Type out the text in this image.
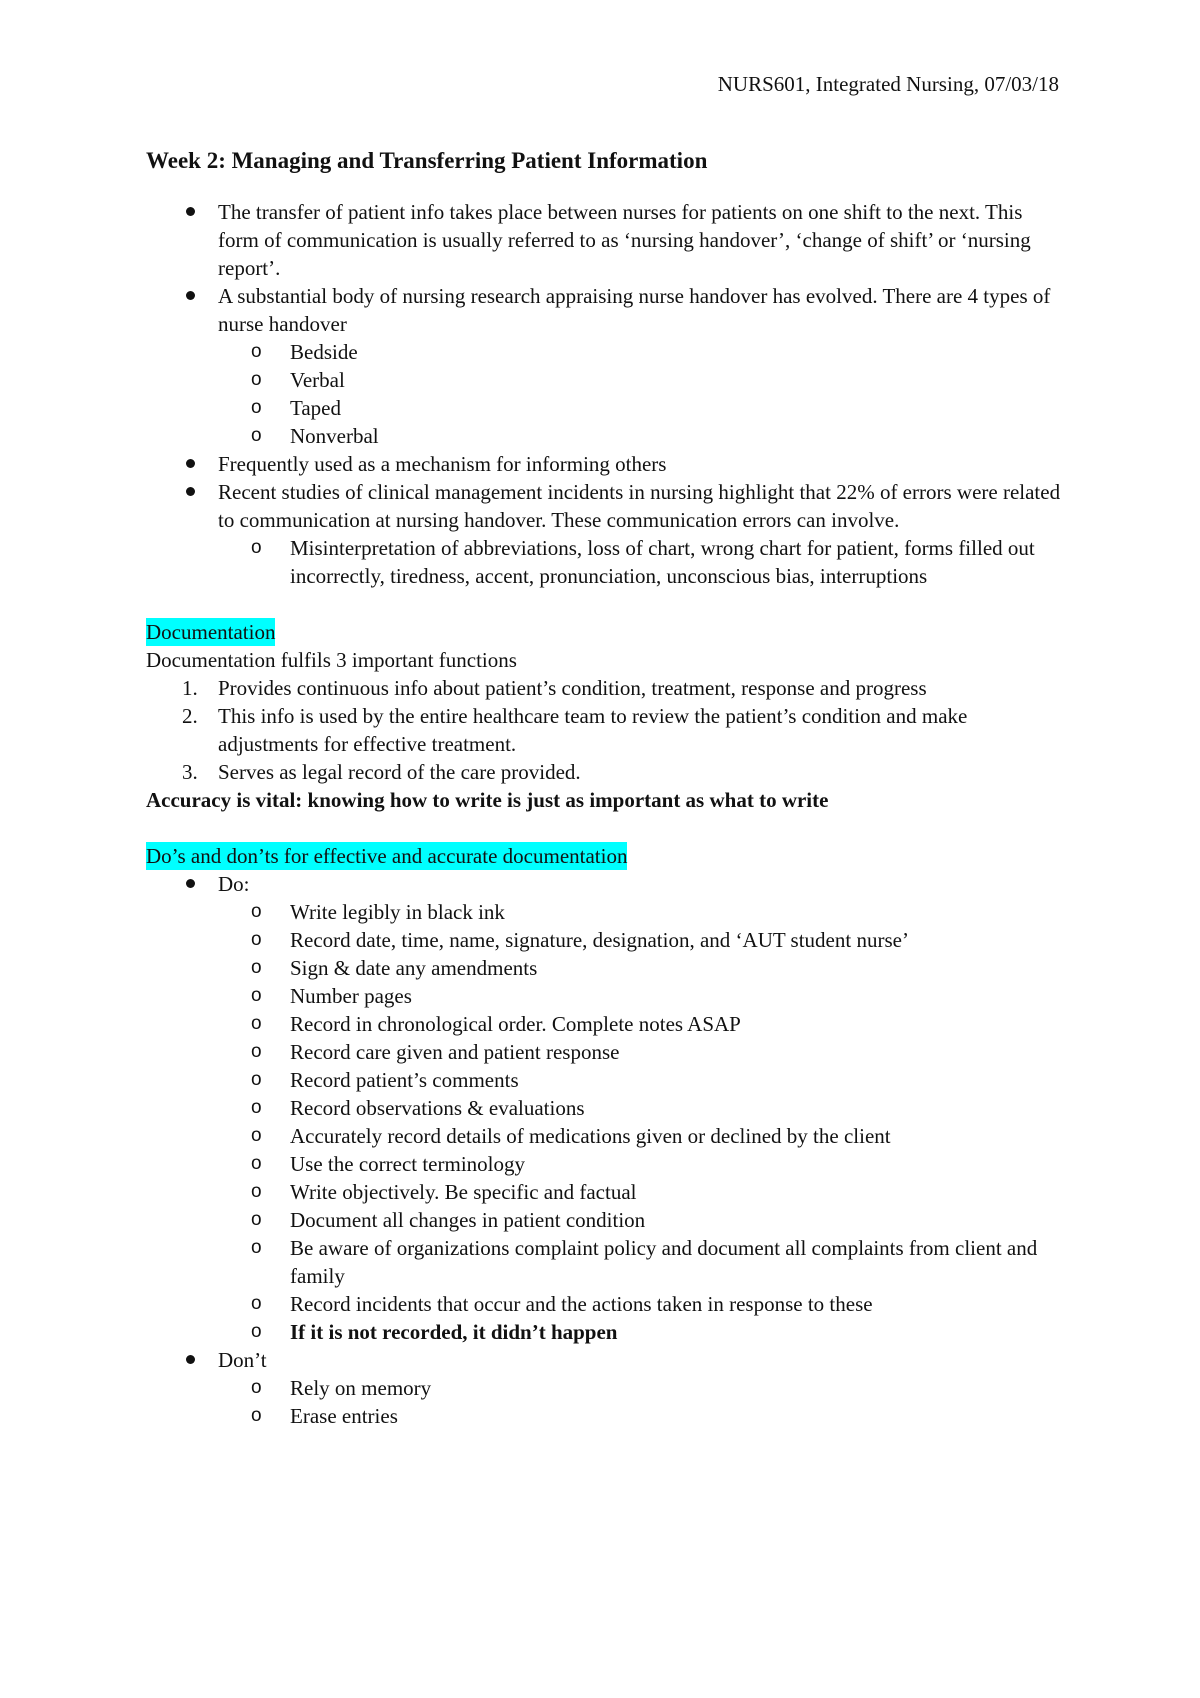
NURS601, Integrated Nursing, 07/03/18
Week 2: Managing and Transferring Patient Information
The transfer of patient info takes place between nurses for patients on one shift to the next. This form of communication is usually referred to as ‘nursing handover’, ‘change of shift’ or ‘nursing report’.
A substantial body of nursing research appraising nurse handover has evolved. There are 4 types of nurse handover
o Bedside
o Verbal
o Taped
o Nonverbal
Frequently used as a mechanism for informing others
Recent studies of clinical management incidents in nursing highlight that 22% of errors were related to communication at nursing handover. These communication errors can involve.
o Misinterpretation of abbreviations, loss of chart, wrong chart for patient, forms filled out incorrectly, tiredness, accent, pronunciation, unconscious bias, interruptions

Documentation

Documentation fulfils 3 important functions

1. Provides continuous info about patient’s condition, treatment, response and progress
2. This info is used by the entire healthcare team to review the patient’s condition and make adjustments for effective treatment.
3. Serves as legal record of the care provided.

Accuracy is vital: knowing how to write is just as important as what to write

Do’s and don’ts for effective and accurate documentation

Do:
o Write legibly in black ink
o Record date, time, name, signature, designation, and ‘AUT student nurse’
o Sign & date any amendments
o Number pages
o Record in chronological order. Complete notes ASAP
o Record care given and patient response
o Record patient’s comments
o Record observations & evaluations
o Accurately record details of medications given or declined by the client
o Use the correct terminology
o Write objectively. Be specific and factual
o Document all changes in patient condition
o Be aware of organizations complaint policy and document all complaints from client and family
o Record incidents that occur and the actions taken in response to these
o If it is not recorded, it didn’t happen
Don’t
o Rely on memory
o Erase entries
